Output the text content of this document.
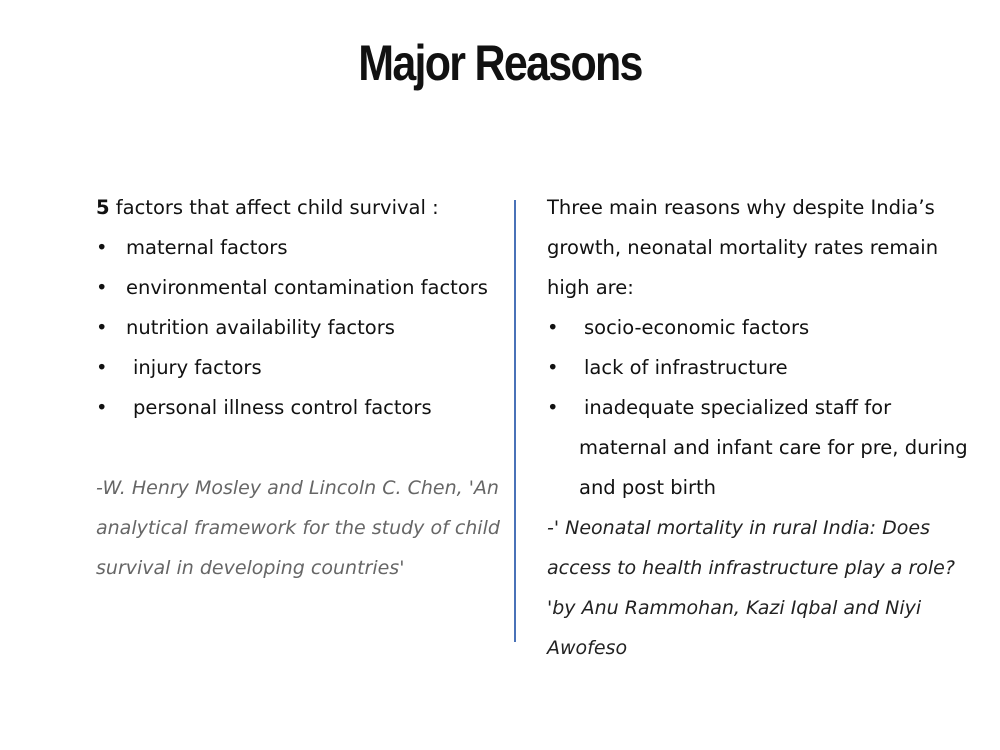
Major Reasons
5 factors that affect child survival :
• maternal factors
• environmental contamination factors
• nutrition availability factors
• injury factors
• personal illness control factors
-W. Henry Mosley and Lincoln C. Chen, 'An
analytical framework for the study of child
survival in developing countries'
Three main reasons why despite India’s
growth, neonatal mortality rates remain
high are:
• socio-economic factors
• lack of infrastructure
• inadequate specialized staff for
maternal and infant care for pre, during
and post birth
-' Neonatal mortality in rural India: Does
access to health infrastructure play a role?
'by Anu Rammohan, Kazi Iqbal and Niyi
Awofeso
